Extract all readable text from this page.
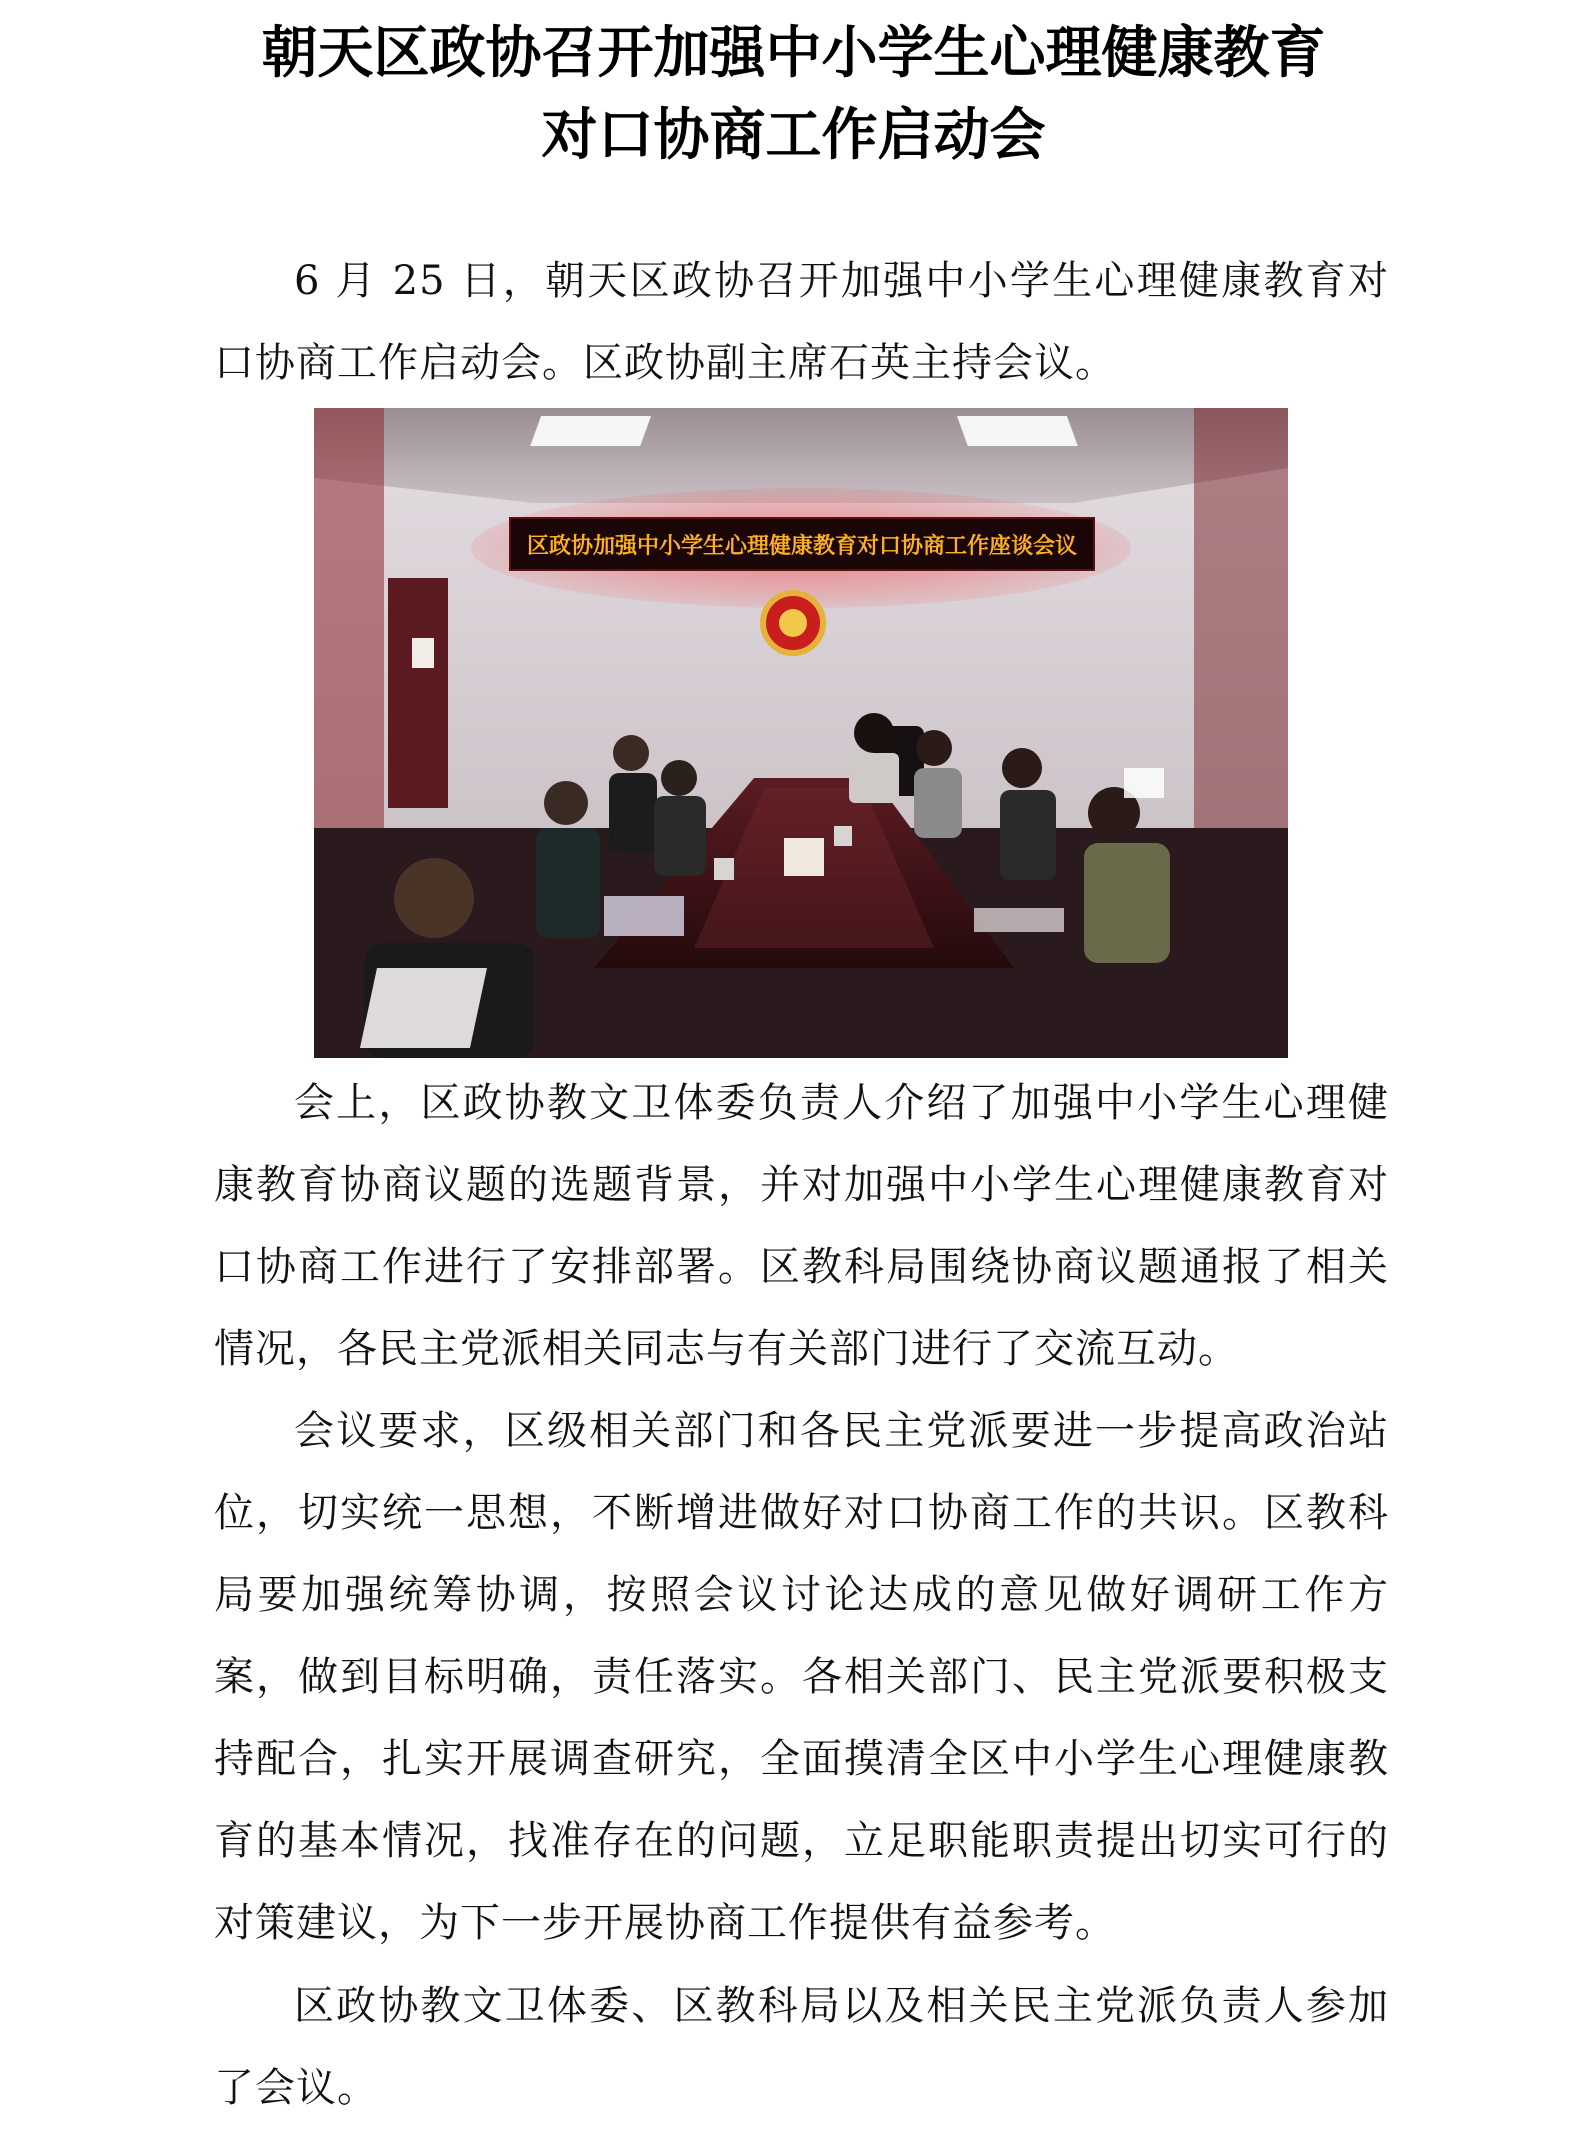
朝天区政协召开加强中小学生心理健康教育
对口协商工作启动会

6 月 25 日，朝天区政协召开加强中小学生心理健康教育对口协商工作启动会。区政协副主席石英主持会议。

区政协加强中小学生心理健康教育对口协商工作座谈会议

会上，区政协教文卫体委负责人介绍了加强中小学生心理健康教育协商议题的选题背景，并对加强中小学生心理健康教育对口协商工作进行了安排部署。区教科局围绕协商议题通报了相关情况，各民主党派相关同志与有关部门进行了交流互动。

会议要求，区级相关部门和各民主党派要进一步提高政治站位，切实统一思想，不断增进做好对口协商工作的共识。区教科局要加强统筹协调，按照会议讨论达成的意见做好调研工作方案，做到目标明确，责任落实。各相关部门、民主党派要积极支持配合，扎实开展调查研究，全面摸清全区中小学生心理健康教育的基本情况，找准存在的问题，立足职能职责提出切实可行的对策建议，为下一步开展协商工作提供有益参考。

区政协教文卫体委、区教科局以及相关民主党派负责人参加了会议。
